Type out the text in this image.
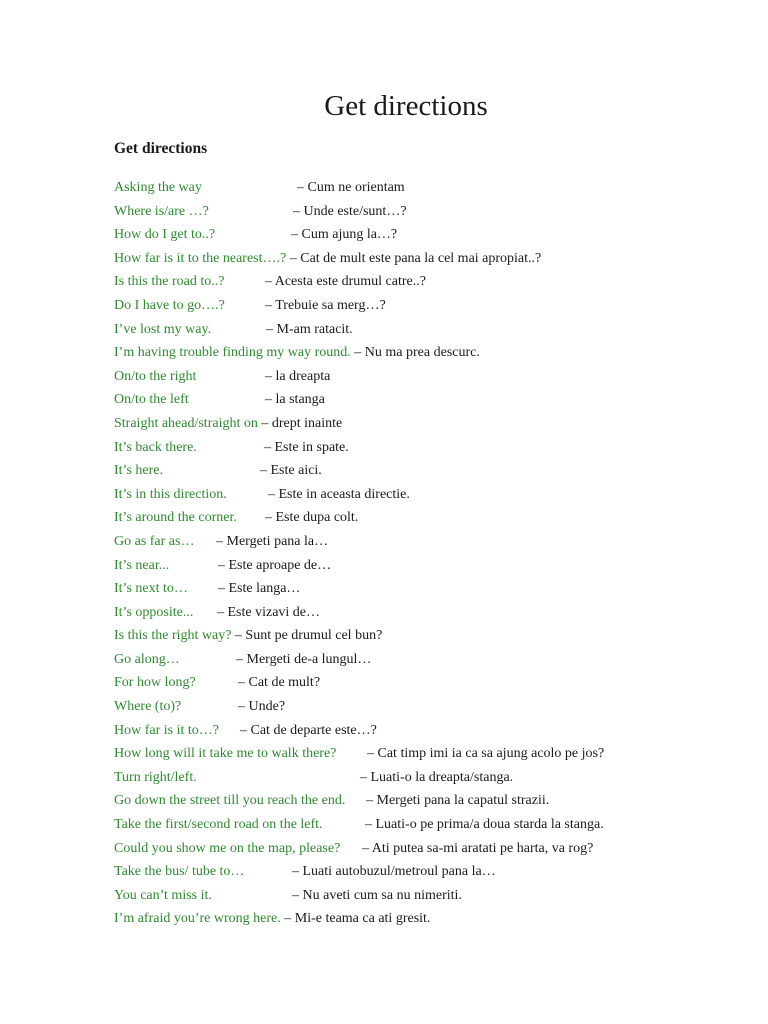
Get directions
Get directions
Asking the way	– Cum ne orientam
Where is/are …?	– Unde este/sunt…?
How do I get to..?	– Cum ajung la…?
How far is it to the nearest….? – Cat de mult este pana la cel mai apropiat..?
Is this the road to..?	– Acesta este drumul catre..?
Do I have to go….?	– Trebuie sa merg…?
I’ve lost my way.	– M-am ratacit.
I’m having trouble finding my way round. – Nu ma prea descurc.
On/to the right	– la dreapta
On/to the left	– la stanga
Straight ahead/straight on – drept inainte
It’s back there.	– Este in spate.
It’s here.	– Este aici.
It’s in this direction.	– Este in aceasta directie.
It’s around the corner. – Este dupa colt.
Go as far as… – Mergeti pana la…
It’s near...	– Este aproape de…
It’s next to… – Este langa…
It’s opposite... – Este vizavi de…
Is this the right way? – Sunt pe drumul cel bun?
Go along…	– Mergeti de-a lungul…
For how long?	– Cat de mult?
Where (to)?	– Unde?
How far is it to…? – Cat de departe este…?
How long will it take me to walk there? – Cat timp imi ia ca sa ajung acolo pe jos?
Turn right/left.	– Luati-o la dreapta/stanga.
Go down the street till you reach the end. – Mergeti pana la capatul strazii.
Take the first/second road on the left.	– Luati-o pe prima/a doua starda la stanga.
Could you show me on the map, please? – Ati putea sa-mi aratati pe harta, va rog?
Take the bus/ tube to…	– Luati autobuzul/metroul pana la…
You can’t miss it.	– Nu aveti cum sa nu nimeriti.
I’m afraid you’re wrong here. – Mi-e teama ca ati gresit.
